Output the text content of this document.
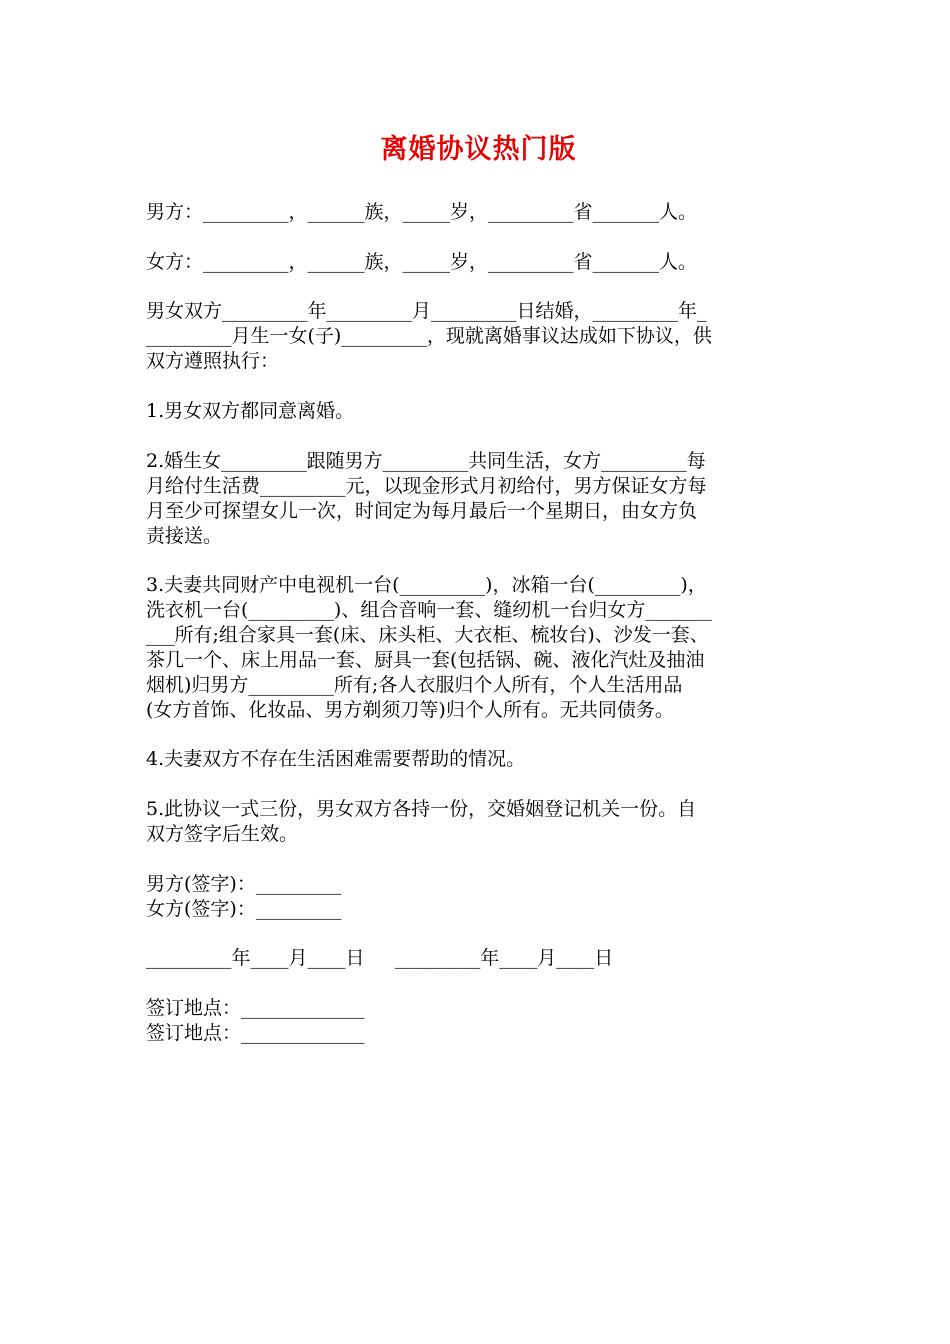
离婚协议热门版

男方：_________，______族，_____岁，_________省_______人。

女方：_________，______族，_____岁，_________省_______人。

男女双方_________年_________月_________日结婚，_________年_
_________月生一女(子)_________，现就离婚事议达成如下协议，供
双方遵照执行：

1.男女双方都同意离婚。

2.婚生女_________跟随男方_________共同生活，女方_________每
月给付生活费_________元，以现金形式月初给付，男方保证女方每
月至少可探望女儿一次，时间定为每月最后一个星期日，由女方负
责接送。

3.夫妻共同财产中电视机一台(_________)，冰箱一台(_________)，
洗衣机一台(_________)、组合音响一套、缝纫机一台归女方_______
___所有;组合家具一套(床、床头柜、大衣柜、梳妆台)、沙发一套、
茶几一个、床上用品一套、厨具一套(包括锅、碗、液化汽灶及抽油
烟机)归男方_________所有;各人衣服归个人所有，个人生活用品
(女方首饰、化妆品、男方剃须刀等)归个人所有。无共同债务。

4.夫妻双方不存在生活困难需要帮助的情况。

5.此协议一式三份，男女双方各持一份，交婚姻登记机关一份。自
双方签字后生效。

男方(签字)：_________

女方(签字)：_________

_________年____月____日     _________年____月____日

签订地点：_____________

签订地点：_____________
